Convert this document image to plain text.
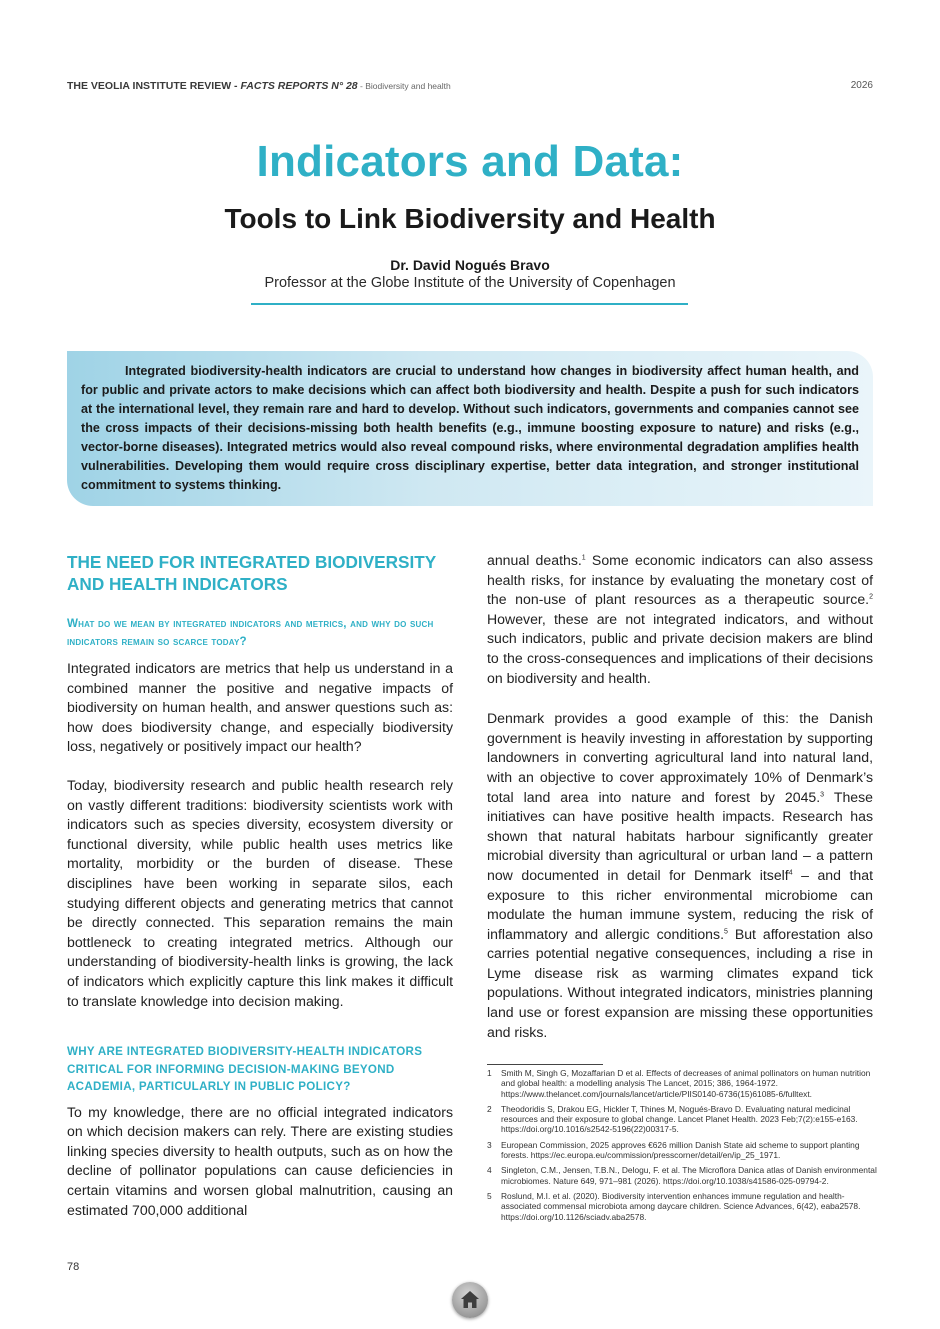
THE VEOLIA INSTITUTE REVIEW - FACTS REPORTS N° 28 - Biodiversity and health	2026
Indicators and Data:
Tools to Link Biodiversity and Health
Dr. David Nogués Bravo
Professor at the Globe Institute of the University of Copenhagen

Integrated biodiversity-health indicators are crucial to understand how changes in biodiversity affect human health, and for public and private actors to make decisions which can affect both biodiversity and health. Despite a push for such indicators at the international level, they remain rare and hard to develop. Without such indicators, governments and companies cannot see the cross impacts of their decisions-missing both health benefits (e.g., immune boosting exposure to nature) and risks (e.g., vector-borne diseases). Integrated metrics would also reveal compound risks, where environmental degradation amplifies health vulnerabilities. Developing them would require cross disciplinary expertise, better data integration, and stronger institutional commitment to systems thinking.

THE NEED FOR INTEGRATED BIODIVERSITY AND HEALTH INDICATORS
What do we mean by integrated indicators and metrics, and why do such indicators remain so scarce today?

Integrated indicators are metrics that help us understand in a combined manner the positive and negative impacts of biodiversity on human health, and answer questions such as: how does biodiversity change, and especially biodiversity loss, negatively or positively impact our health?

Today, biodiversity research and public health research rely on vastly different traditions: biodiversity scientists work with indicators such as species diversity, ecosystem diversity or functional diversity, while public health uses metrics like mortality, morbidity or the burden of disease. These disciplines have been working in separate silos, each studying different objects and generating metrics that cannot be directly connected. This separation remains the main bottleneck to creating integrated metrics. Although our understanding of biodiversity-health links is growing, the lack of indicators which explicitly capture this link makes it difficult to translate knowledge into decision making.

WHY ARE INTEGRATED BIODIVERSITY-HEALTH INDICATORS CRITICAL FOR INFORMING DECISION-MAKING BEYOND ACADEMIA, PARTICULARLY IN PUBLIC POLICY?

To my knowledge, there are no official integrated indicators on which decision makers can rely. There are existing studies linking species diversity to health outputs, such as on how the decline of pollinator populations can cause deficiencies in certain vitamins and worsen global malnutrition, causing an estimated 700,000 additional

annual deaths.$^1$ Some economic indicators can also assess health risks, for instance by evaluating the monetary cost of the non-use of plant resources as a therapeutic source.$^2$ However, these are not integrated indicators, and without such indicators, public and private decision makers are blind to the cross-consequences and implications of their decisions on biodiversity and health.

Denmark provides a good example of this: the Danish government is heavily investing in afforestation by supporting landowners in converting agricultural land into natural land, with an objective to cover approximately 10% of Denmark’s total land area into nature and forest by 2045.$^3$ These initiatives can have positive health impacts. Research has shown that natural habitats harbour significantly greater microbial diversity than agricultural or urban land – a pattern now documented in detail for Denmark itself$^4$ – and that exposure to this richer environmental microbiome can modulate the human immune system, reducing the risk of inflammatory and allergic conditions.$^5$ But afforestation also carries potential negative consequences, including a rise in Lyme disease risk as warming climates expand tick populations. Without integrated indicators, ministries planning land use or forest expansion are missing these opportunities and risks.

1 Smith M, Singh G, Mozaffarian D et al. Effects of decreases of animal pollinators on human nutrition and global health: a modelling analysis The Lancet, 2015; 386, 1964-1972. https://www.thelancet.com/journals/lancet/article/PIIS0140-6736(15)61085-6/fulltext.
2 Theodoridis S, Drakou EG, Hickler T, Thines M, Nogués-Bravo D. Evaluating natural medicinal resources and their exposure to global change. Lancet Planet Health. 2023 Feb;7(2):e155-e163. https://doi.org/10.1016/s2542-5196(22)00317-5.
3 European Commission, 2025 approves €626 million Danish State aid scheme to support planting forests. https://ec.europa.eu/commission/presscorner/detail/en/ip_25_1971.
4 Singleton, C.M., Jensen, T.B.N., Delogu, F. et al. The Microflora Danica atlas of Danish environmental microbiomes. Nature 649, 971–981 (2026). https://doi.org/10.1038/s41586-025-09794-2.
5 Roslund, M.I. et al. (2020). Biodiversity intervention enhances immune regulation and health-associated commensal microbiota among daycare children. Science Advances, 6(42), eaba2578. https://doi.org/10.1126/sciadv.aba2578.
78
